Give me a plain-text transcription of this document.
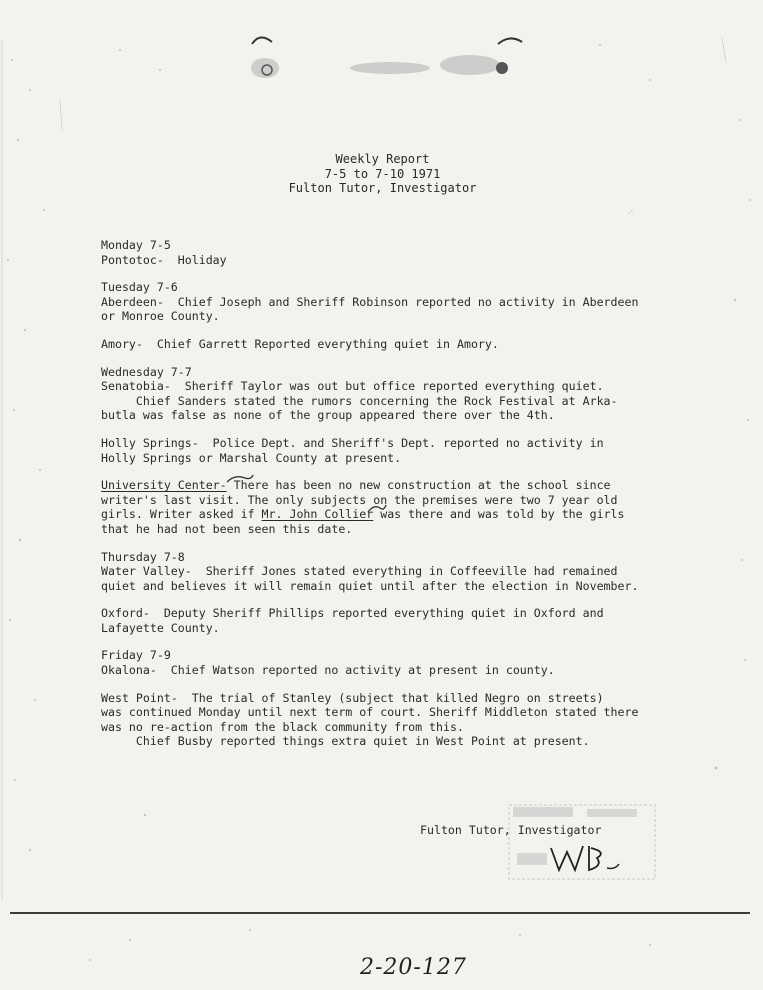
Weekly Report
7-5 to 7-10 1971
Fulton Tutor, Investigator
Monday 7-5
Pontotoc-  Holiday
Tuesday 7-6
Aberdeen-  Chief Joseph and Sheriff Robinson reported no activity in Aberdeen
or Monroe County.
Amory-  Chief Garrett Reported everything quiet in Amory.
Wednesday 7-7
Senatobia-  Sheriff Taylor was out but office reported everything quiet.
Chief Sanders stated the rumors concerning the Rock Festival at Arka-
butla was false as none of the group appeared there over the 4th.
Holly Springs-  Police Dept. and Sheriff's Dept. reported no activity in
Holly Springs or Marshal County at present.
University Center- There has been no new construction at the school since
writer's last visit. The only subjects on the premises were two 7 year old
girls. Writer asked if Mr. John Collier was there and was told by the girls
that he had not been seen this date.
Thursday 7-8
Water Valley-  Sheriff Jones stated everything in Coffeeville had remained
quiet and believes it will remain quiet until after the election in November.
Oxford-  Deputy Sheriff Phillips reported everything quiet in Oxford and
Lafayette County.
Friday 7-9
Okalona-  Chief Watson reported no activity at present in county.
West Point-  The trial of Stanley (subject that killed Negro on streets)
was continued Monday until next term of court. Sheriff Middleton stated there
was no re-action from the black community from this.
Chief Busby reported things extra quiet in West Point at present.
Fulton Tutor, Investigator
WB
2-20-127
